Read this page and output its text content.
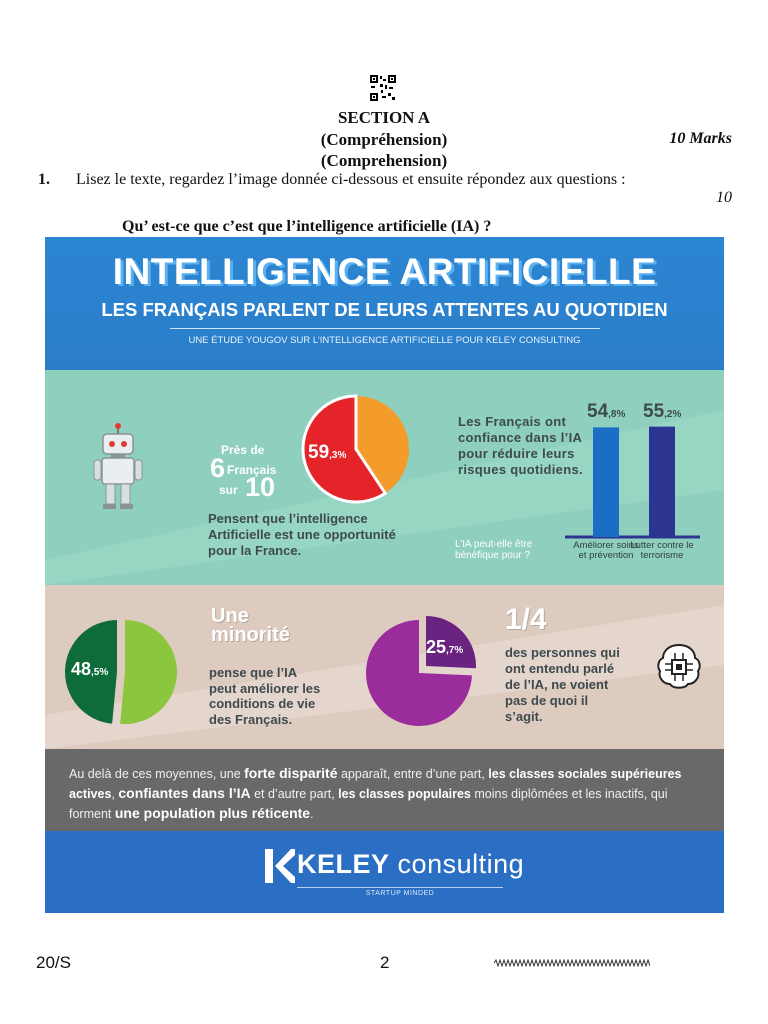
SECTION A
(Compréhension)
(Comprehension)
10 Marks
1. Lisez le texte, regardez l’image donnée ci-dessous et ensuite répondez aux questions :
10
Qu’ est-ce que c’est que l’intelligence artificielle (IA) ?
INTELLIGENCE ARTIFICIELLE
LES FRANÇAIS PARLENT DE LEURS ATTENTES AU QUOTIDIEN
UNE ÉTUDE YOUGOV SUR L’INTELLIGENCE ARTIFICIELLE POUR KELEY CONSULTING
Près de
6 Français
sur 10
59,3%
Pensent que l’intelligence Artificielle est une opportunité pour la France.
Les Français ont confiance dans l’IA pour réduire leurs risques quotidiens.
L’IA peut-elle être bénéfique pour ?
54,8%
Améliorer soins et prévention
55,2%
Lutter contre le terrorisme
48,5%
Une minorité
pense que l’IA peut améliorer les conditions de vie des Français.
25,7%
1/4
des personnes qui ont entendu parlé de l’IA, ne voient pas de quoi il s’agit.
Au delà de ces moyennes, une forte disparité apparaît, entre d’une part, les classes sociales supérieures actives, confiantes dans l’IA et d’autre part, les classes populaires moins diplômées et les inactifs, qui forment une population plus réticente.
KELEY consulting
STARTUP MINDED
20/S	2
